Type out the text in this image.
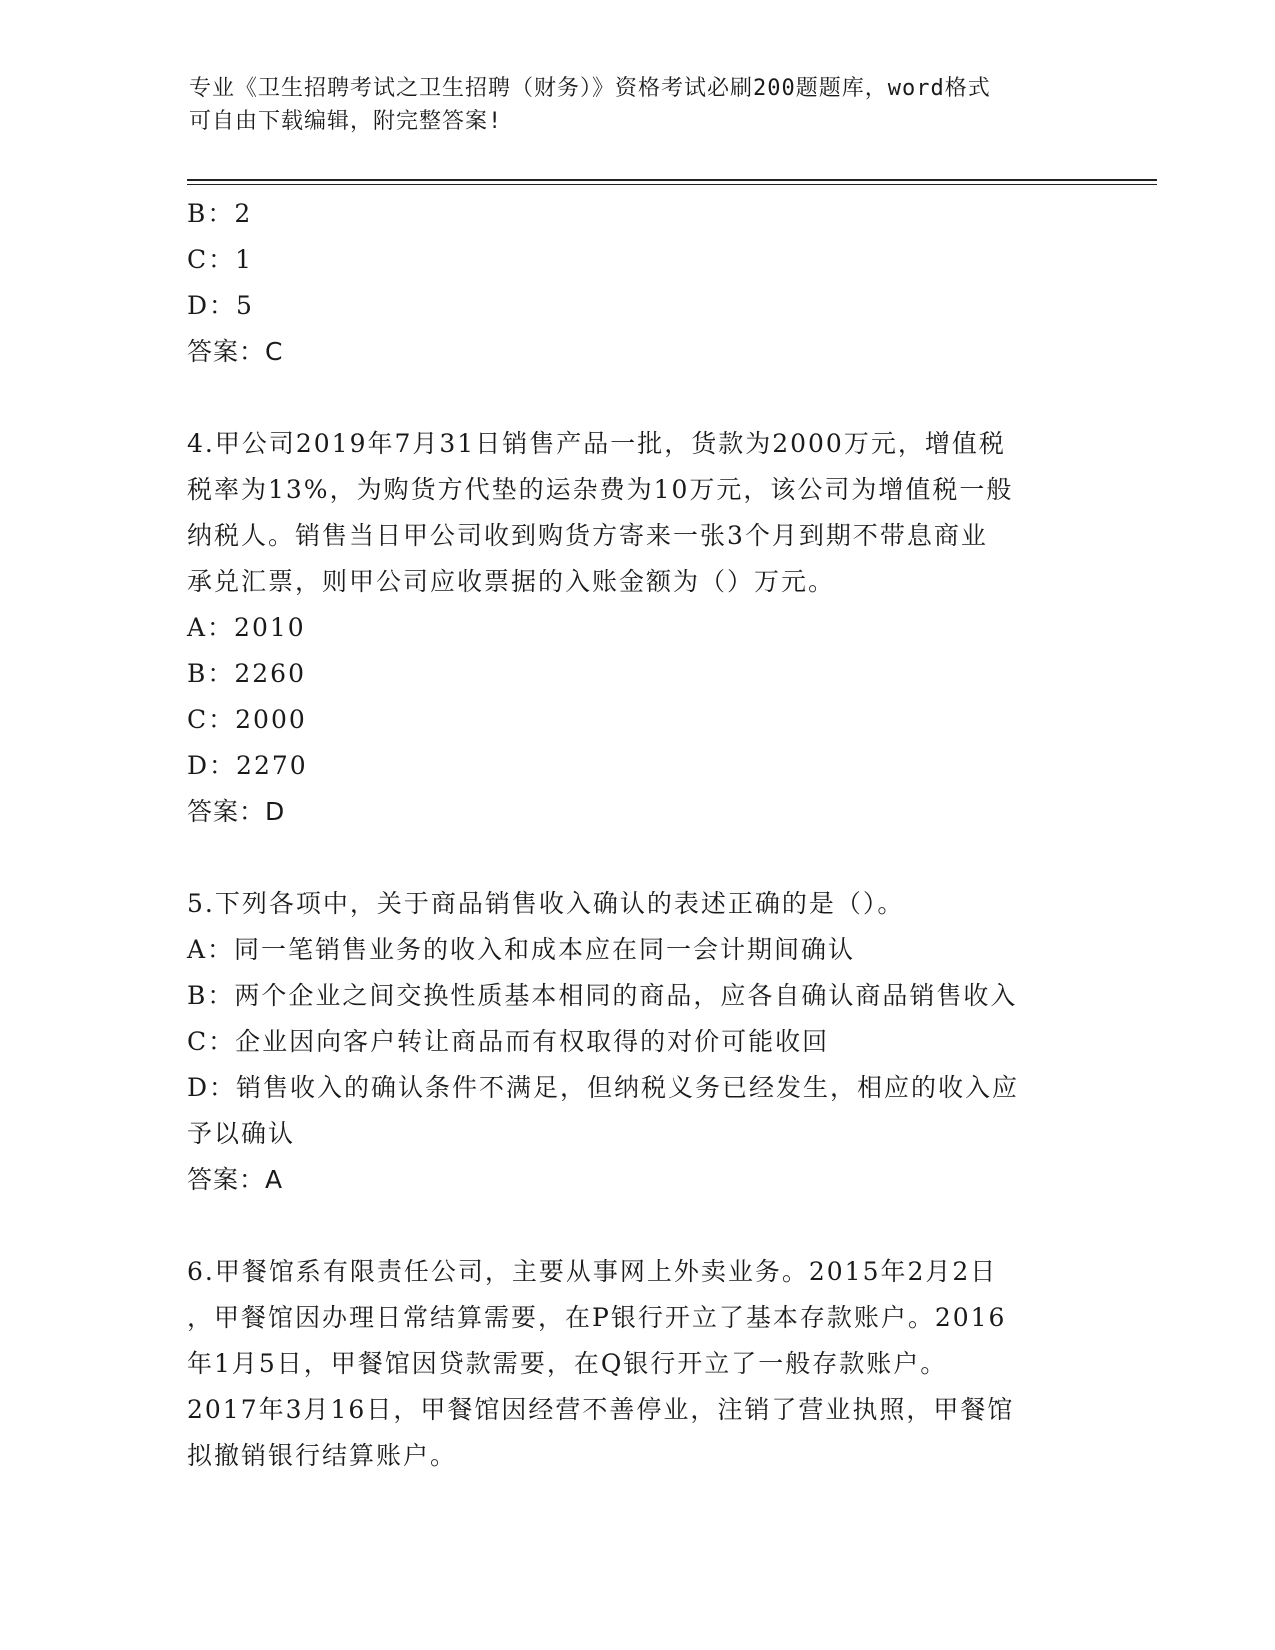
专业《卫生招聘考试之卫生招聘（财务）》资格考试必刷200题题库，word格式
可自由下载编辑，附完整答案!
B：2
C：1
D：5
答案：C
4.甲公司2019年7月31日销售产品一批，货款为2000万元，增值税
税率为13%，为购货方代垫的运杂费为10万元，该公司为增值税一般
纳税人。销售当日甲公司收到购货方寄来一张3个月到期不带息商业
承兑汇票，则甲公司应收票据的入账金额为（）万元。
A：2010
B：2260
C：2000
D：2270
答案：D
5.下列各项中，关于商品销售收入确认的表述正确的是（）。
A：同一笔销售业务的收入和成本应在同一会计期间确认
B：两个企业之间交换性质基本相同的商品，应各自确认商品销售收入
C：企业因向客户转让商品而有权取得的对价可能收回
D：销售收入的确认条件不满足，但纳税义务已经发生，相应的收入应
予以确认
答案：A
6.甲餐馆系有限责任公司，主要从事网上外卖业务。2015年2月2日
，甲餐馆因办理日常结算需要，在P银行开立了基本存款账户。2016
年1月5日，甲餐馆因贷款需要，在Q银行开立了一般存款账户。
2017年3月16日，甲餐馆因经营不善停业，注销了营业执照，甲餐馆
拟撤销银行结算账户。
